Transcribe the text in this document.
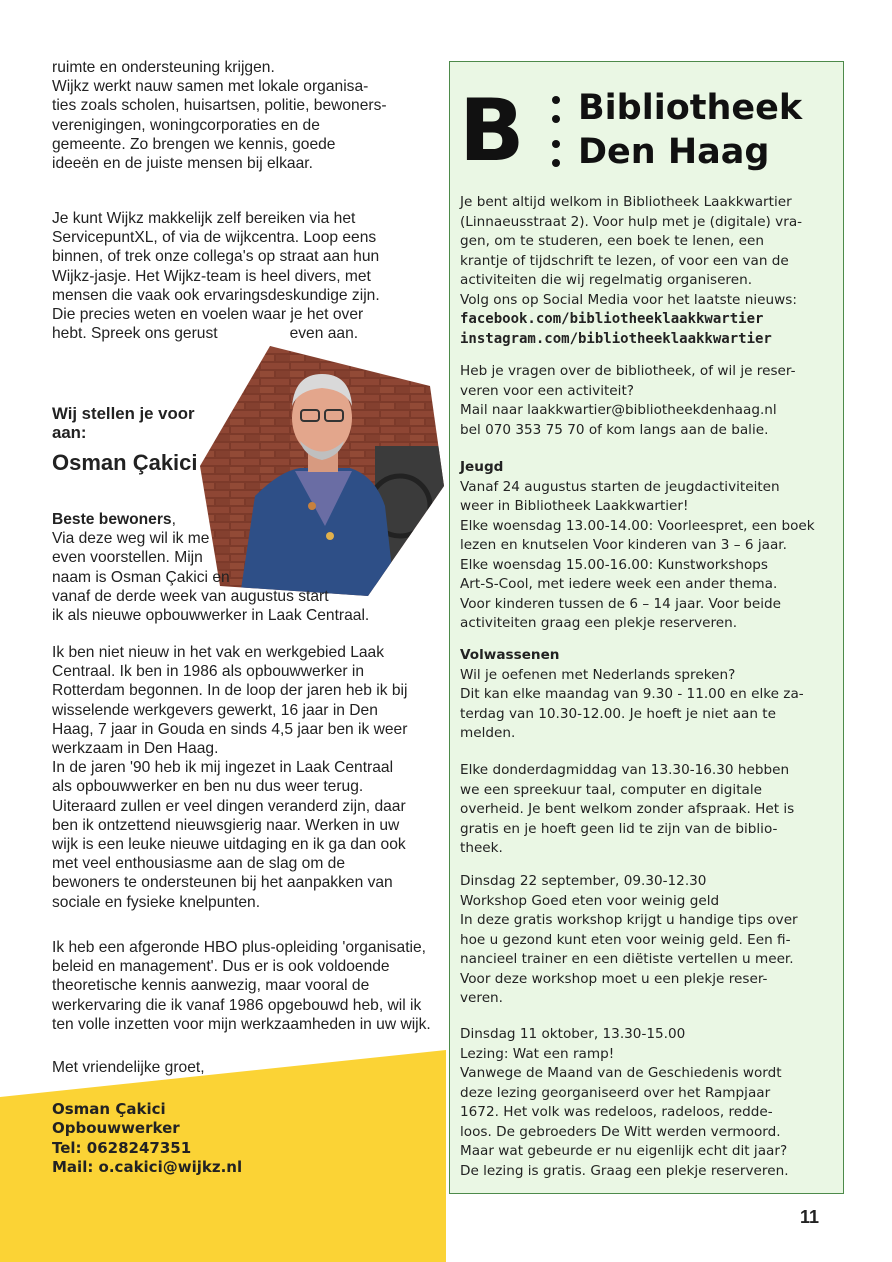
ruimte en ondersteuning krijgen.
Wijkz werkt nauw samen met lokale organisa-
ties zoals scholen, huisartsen, politie, bewoners-
verenigingen, woningcorporaties en de
gemeente. Zo brengen we kennis, goede
ideeën en de juiste mensen bij elkaar.
Je kunt Wijkz makkelijk zelf bereiken via het
ServicepuntXL, of via de wijkcentra. Loop eens
binnen, of trek onze collega's op straat aan hun
Wijkz-jasje. Het Wijkz-team is heel divers, met
mensen die vaak ook ervaringsdeskundige zijn.
Die precies weten en voelen waar je het over
hebt. Spreek ons gerust	even aan.
Wij stellen je voor
aan:
Osman Çakici
Beste bewoners,
Via deze weg wil ik me
even voorstellen. Mijn
naam is Osman Çakici en
vanaf de derde week van augustus start
ik als nieuwe opbouwwerker in Laak Centraal.
Ik ben niet nieuw in het vak en werkgebied Laak
Centraal. Ik ben in 1986 als opbouwwerker in
Rotterdam begonnen. In de loop der jaren heb ik bij
wisselende werkgevers gewerkt, 16 jaar in Den
Haag, 7 jaar in Gouda en sinds 4,5 jaar ben ik weer
werkzaam in Den Haag.
In de jaren '90 heb ik mij ingezet in Laak Centraal
als opbouwwerker en ben nu dus weer terug.
Uiteraard zullen er veel dingen veranderd zijn, daar
ben ik ontzettend nieuwsgierig naar. Werken in uw
wijk is een leuke nieuwe uitdaging en ik ga dan ook
met veel enthousiasme aan de slag om de
bewoners te ondersteunen bij het aanpakken van
sociale en fysieke knelpunten.
Ik heb een afgeronde HBO plus-opleiding 'organisatie,
beleid en management'. Dus er is ook voldoende
theoretische kennis aanwezig, maar vooral de
werkervaring die ik vanaf 1986 opgebouwd heb, wil ik
ten volle inzetten voor mijn werkzaamheden in uw wijk.
Met vriendelijke groet,
Osman Çakici
Opbouwwerker
Tel: 0628247351
Mail: o.cakici@wijkz.nl
B Bibliotheek
Den Haag
Je bent altijd welkom in Bibliotheek Laakkwartier
(Linnaeusstraat 2). Voor hulp met je (digitale) vra-
gen, om te studeren, een boek te lenen, een
krantje of tijdschrift te lezen, of voor een van de
activiteiten die wij regelmatig organiseren.
Volg ons op Social Media voor het laatste nieuws:
facebook.com/bibliotheeklaakkwartier
instagram.com/bibliotheeklaakkwartier
Heb je vragen over de bibliotheek, of wil je reser-
veren voor een activiteit?
Mail naar laakkwartier@bibliotheekdenhaag.nl
bel 070 353 75 70 of kom langs aan de balie.
Jeugd
Vanaf 24 augustus starten de jeugdactiviteiten
weer in Bibliotheek Laakkwartier!
Elke woensdag 13.00-14.00: Voorleespret, een boek
lezen en knutselen Voor kinderen van 3 – 6 jaar.
Elke woensdag 15.00-16.00: Kunstworkshops
Art-S-Cool, met iedere week een ander thema.
Voor kinderen tussen de 6 – 14 jaar. Voor beide
activiteiten graag een plekje reserveren.
Volwassenen
Wil je oefenen met Nederlands spreken?
Dit kan elke maandag van 9.30 - 11.00 en elke za-
terdag van 10.30-12.00. Je hoeft je niet aan te
melden.
Elke donderdagmiddag van 13.30-16.30 hebben
we een spreekuur taal, computer en digitale
overheid. Je bent welkom zonder afspraak. Het is
gratis en je hoeft geen lid te zijn van de biblio-
theek.
Dinsdag 22 september, 09.30-12.30
Workshop Goed eten voor weinig geld
In deze gratis workshop krijgt u handige tips over
hoe u gezond kunt eten voor weinig geld. Een fi-
nancieel trainer en een diëtiste vertellen u meer.
Voor deze workshop moet u een plekje reser-
veren.
Dinsdag 11 oktober, 13.30-15.00
Lezing: Wat een ramp!
Vanwege de Maand van de Geschiedenis wordt
deze lezing georganiseerd over het Rampjaar
1672. Het volk was redeloos, radeloos, redde-
loos. De gebroeders De Witt werden vermoord.
Maar wat gebeurde er nu eigenlijk echt dit jaar?
De lezing is gratis. Graag een plekje reserveren.
11
